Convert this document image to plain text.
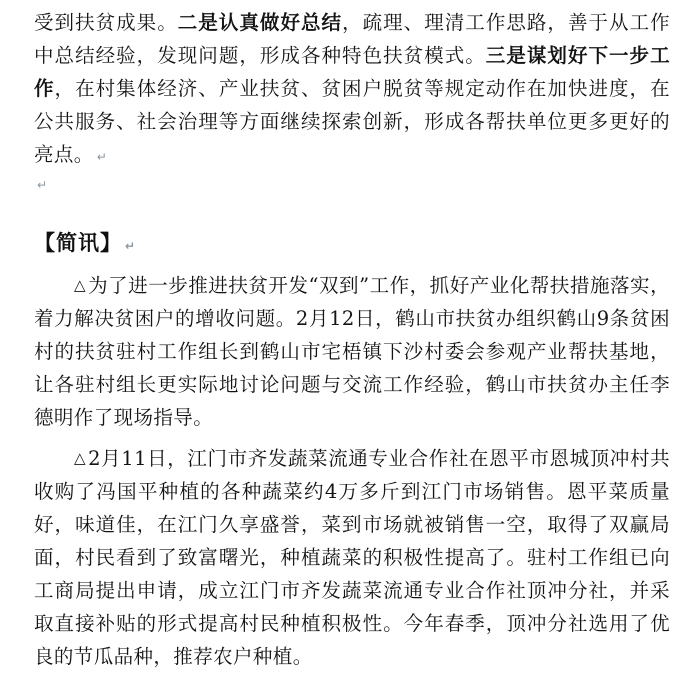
受到扶贫成果。二是认真做好总结，疏理、理清工作思路，善于从工作中总结经验，发现问题，形成各种特色扶贫模式。三是谋划好下一步工作，在村集体经济、产业扶贫、贫困户脱贫等规定动作在加快进度，在公共服务、社会治理等方面继续探索创新，形成各帮扶单位更多更好的亮点。 ↵

↵
【简讯】 ↵

△ 为了进一步推进扶贫开发“双到”工作，抓好产业化帮扶措施落实，着力解决贫困户的增收问题。2月12日，鹤山市扶贫办组织鹤山9条贫困村的扶贫驻村工作组长到鹤山市宅梧镇下沙村委会参观产业帮扶基地，让各驻村组长更实际地讨论问题与交流工作经验，鹤山市扶贫办主任李德明作了现场指导。

△ 2月11日，江门市齐发蔬菜流通专业合作社在恩平市恩城顶冲村共收购了冯国平种植的各种蔬菜约4万多斤到江门市场销售。恩平菜质量好，味道佳，在江门久享盛誉，菜到市场就被销售一空，取得了双赢局面，村民看到了致富曙光，种植蔬菜的积极性提高了。驻村工作组已向工商局提出申请，成立江门市齐发蔬菜流通专业合作社顶冲分社，并采取直接补贴的形式提高村民种植积极性。今年春季，顶冲分社选用了优良的节瓜品种，推荐农户种植。
